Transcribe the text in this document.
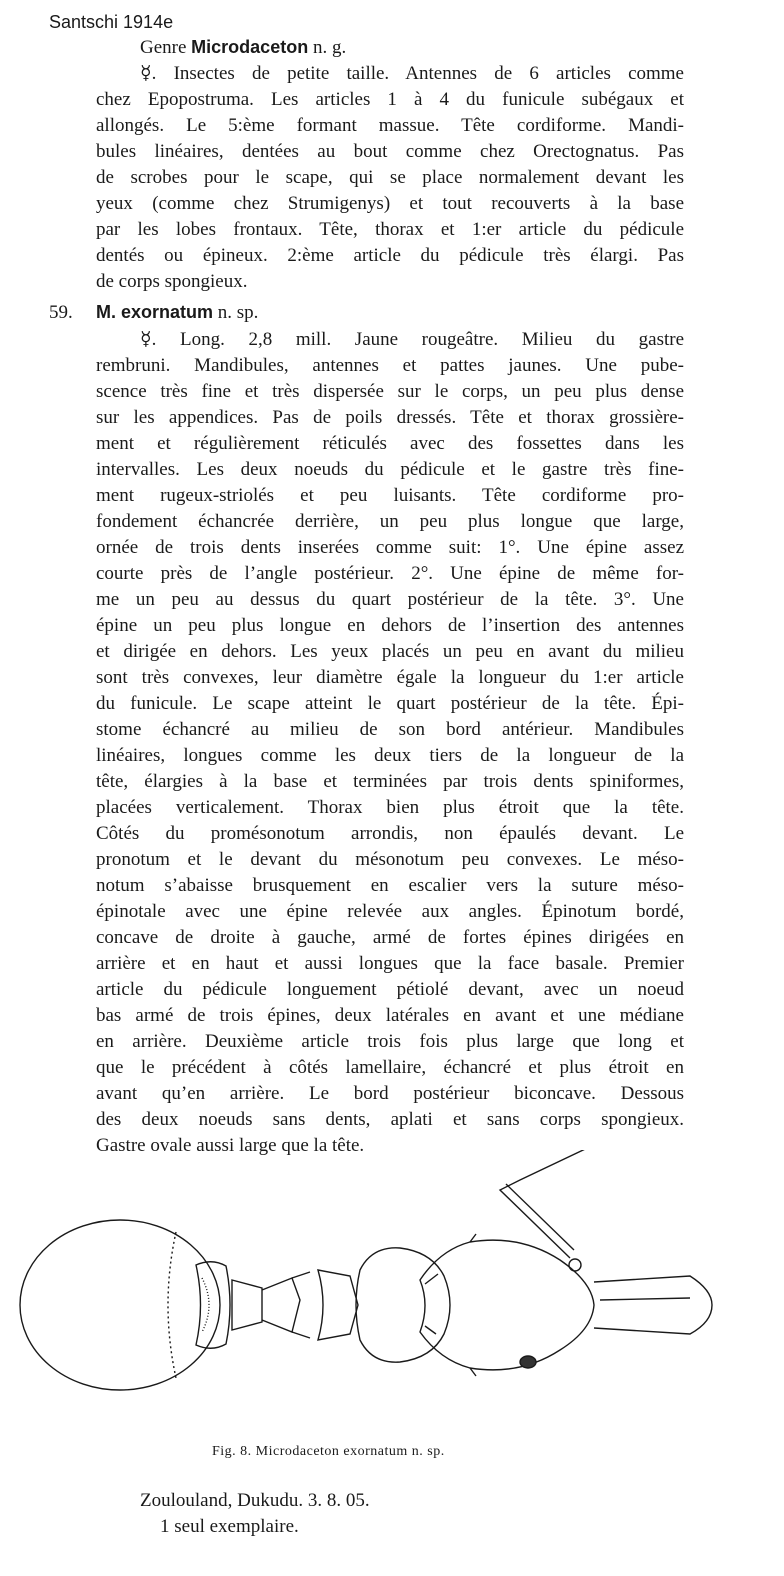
Santschi 1914e
Genre Microdaceton n. g.
☿. Insectes de petite taille. Antennes de 6 articles comme
chez Epopostruma. Les articles 1 à 4 du funicule subégaux et
allongés. Le 5:ème formant massue. Tête cordiforme. Mandi-
bules linéaires, dentées au bout comme chez Orectognatus. Pas
de scrobes pour le scape, qui se place normalement devant les
yeux (comme chez Strumigenys) et tout recouverts à la base
par les lobes frontaux. Tête, thorax et 1:er article du pédicule
dentés ou épineux. 2:ème article du pédicule très élargi. Pas
de corps spongieux.
59. M. exornatum n. sp.
☿. Long. 2,8 mill. Jaune rougeâtre. Milieu du gastre
rembruni. Mandibules, antennes et pattes jaunes. Une pube-
scence très fine et très dispersée sur le corps, un peu plus dense
sur les appendices. Pas de poils dressés. Tête et thorax grossière-
ment et régulièrement réticulés avec des fossettes dans les
intervalles. Les deux noeuds du pédicule et le gastre très fine-
ment rugeux-striolés et peu luisants. Tête cordiforme pro-
fondement échancrée derrière, un peu plus longue que large,
ornée de trois dents inserées comme suit: 1°. Une épine assez
courte près de l’angle postérieur. 2°. Une épine de même for-
me un peu au dessus du quart postérieur de la tête. 3°. Une
épine un peu plus longue en dehors de l’insertion des antennes
et dirigée en dehors. Les yeux placés un peu en avant du milieu
sont très convexes, leur diamètre égale la longueur du 1:er article
du funicule. Le scape atteint le quart postérieur de la tête. Épi-
stome échancré au milieu de son bord antérieur. Mandibules
linéaires, longues comme les deux tiers de la longueur de la
tête, élargies à la base et terminées par trois dents spiniformes,
placées verticalement. Thorax bien plus étroit que la tête.
Côtés du promésonotum arrondis, non épaulés devant. Le
pronotum et le devant du mésonotum peu convexes. Le méso-
notum s’abaisse brusquement en escalier vers la suture méso-
épinotale avec une épine relevée aux angles. Épinotum bordé,
concave de droite à gauche, armé de fortes épines dirigées en
arrière et en haut et aussi longues que la face basale. Premier
article du pédicule longuement pétiolé devant, avec un noeud
bas armé de trois épines, deux latérales en avant et une médiane
en arrière. Deuxième article trois fois plus large que long et
que le précédent à côtés lamellaire, échancré et plus étroit en
avant qu’en arrière. Le bord postérieur biconcave. Dessous
des deux noeuds sans dents, aplati et sans corps spongieux.
Gastre ovale aussi large que la tête.
Fig. 8. Microdaceton exornatum n. sp.
Zoulouland, Dukudu. 3. 8. 05.
1 seul exemplaire.
